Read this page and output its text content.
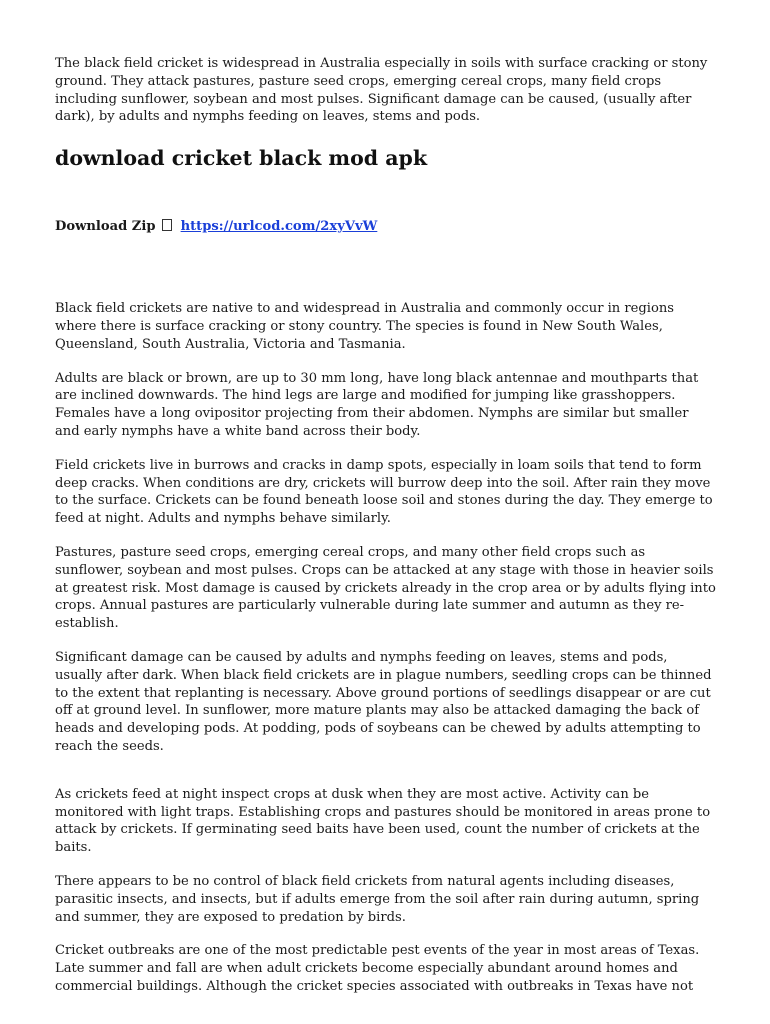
The black field cricket is widespread in Australia especially in soils with surface cracking or stony ground. They attack pastures, pasture seed crops, emerging cereal crops, many field crops including sunflower, soybean and most pulses. Significant damage can be caused, (usually after dark), by adults and nymphs feeding on leaves, stems and pods.

download cricket black mod apk
Download Zip https://urlcod.com/2xyVvW

Black field crickets are native to and widespread in Australia and commonly occur in regions where there is surface cracking or stony country. The species is found in New South Wales, Queensland, South Australia, Victoria and Tasmania.

Adults are black or brown, are up to 30 mm long, have long black antennae and mouthparts that are inclined downwards. The hind legs are large and modified for jumping like grasshoppers. Females have a long ovipositor projecting from their abdomen. Nymphs are similar but smaller and early nymphs have a white band across their body.

Field crickets live in burrows and cracks in damp spots, especially in loam soils that tend to form deep cracks. When conditions are dry, crickets will burrow deep into the soil. After rain they move to the surface. Crickets can be found beneath loose soil and stones during the day. They emerge to feed at night. Adults and nymphs behave similarly.

Pastures, pasture seed crops, emerging cereal crops, and many other field crops such as sunflower, soybean and most pulses. Crops can be attacked at any stage with those in heavier soils at greatest risk. Most damage is caused by crickets already in the crop area or by adults flying into crops. Annual pastures are particularly vulnerable during late summer and autumn as they re-establish.

Significant damage can be caused by adults and nymphs feeding on leaves, stems and pods, usually after dark. When black field crickets are in plague numbers, seedling crops can be thinned to the extent that replanting is necessary. Above ground portions of seedlings disappear or are cut off at ground level. In sunflower, more mature plants may also be attacked damaging the back of heads and developing pods. At podding, pods of soybeans can be chewed by adults attempting to reach the seeds.

As crickets feed at night inspect crops at dusk when they are most active. Activity can be monitored with light traps. Establishing crops and pastures should be monitored in areas prone to attack by crickets. If germinating seed baits have been used, count the number of crickets at the baits.

There appears to be no control of black field crickets from natural agents including diseases, parasitic insects, and insects, but if adults emerge from the soil after rain during autumn, spring and summer, they are exposed to predation by birds.

Cricket outbreaks are one of the most predictable pest events of the year in most areas of Texas. Late summer and fall are when adult crickets become especially abundant around homes and commercial buildings. Although the cricket species associated with outbreaks in Texas have not
